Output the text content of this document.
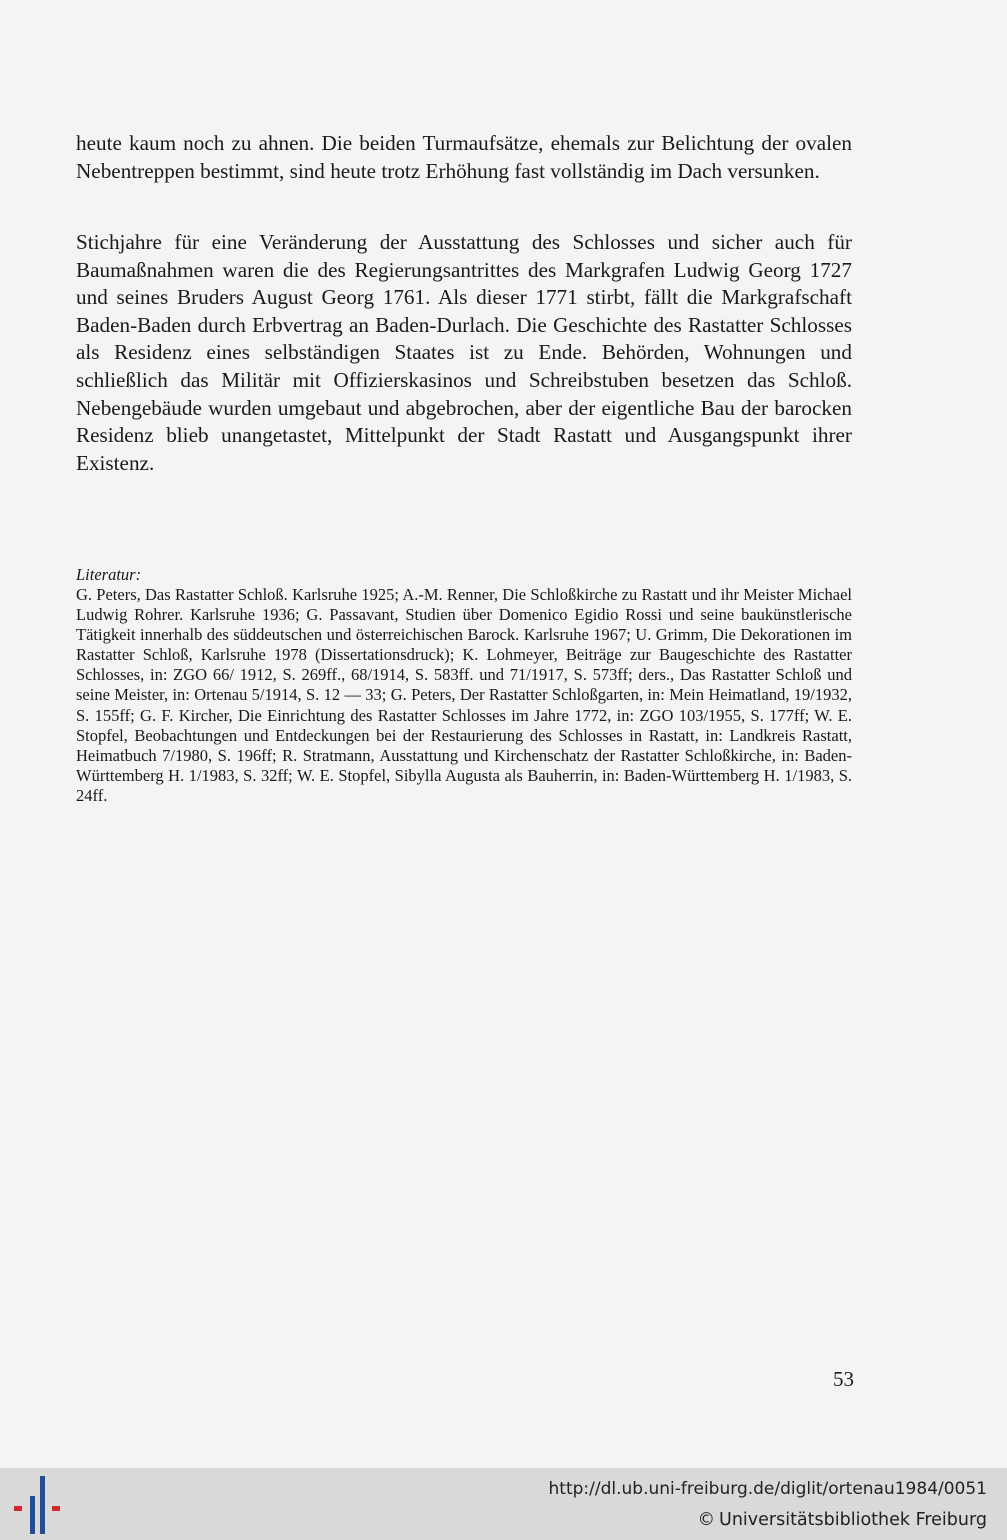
heute kaum noch zu ahnen. Die beiden Turmaufsätze, ehemals zur Belichtung der ovalen Nebentreppen bestimmt, sind heute trotz Erhöhung fast vollständig im Dach versunken.

Stichjahre für eine Veränderung der Ausstattung des Schlosses und sicher auch für Baumaßnahmen waren die des Regierungsantrittes des Markgrafen Ludwig Georg 1727 und seines Bruders August Georg 1761. Als dieser 1771 stirbt, fällt die Markgrafschaft Baden-Baden durch Erbvertrag an Baden-Durlach. Die Geschichte des Rastatter Schlosses als Residenz eines selbständigen Staates ist zu Ende. Behörden, Wohnungen und schließlich das Militär mit Offizierskasinos und Schreibstuben besetzen das Schloß. Nebengebäude wurden umgebaut und abgebrochen, aber der eigentliche Bau der barocken Residenz blieb unangetastet, Mittelpunkt der Stadt Rastatt und Ausgangspunkt ihrer Existenz.

Literatur:

G. Peters, Das Rastatter Schloß. Karlsruhe 1925; A.-M. Renner, Die Schloßkirche zu Rastatt und ihr Meister Michael Ludwig Rohrer. Karlsruhe 1936; G. Passavant, Studien über Domenico Egidio Rossi und seine baukünstlerische Tätigkeit innerhalb des süddeutschen und österreichischen Barock. Karlsruhe 1967; U. Grimm, Die Dekorationen im Rastatter Schloß, Karlsruhe 1978 (Dissertationsdruck); K. Lohmeyer, Beiträge zur Baugeschichte des Rastatter Schlosses, in: ZGO 66/ 1912, S. 269ff., 68/1914, S. 583ff. und 71/1917, S. 573ff; ders., Das Rastatter Schloß und seine Meister, in: Ortenau 5/1914, S. 12 — 33; G. Peters, Der Rastatter Schloßgarten, in: Mein Heimatland, 19/1932, S. 155ff; G. F. Kircher, Die Einrichtung des Rastatter Schlosses im Jahre 1772, in: ZGO 103/1955, S. 177ff; W. E. Stopfel, Beobachtungen und Entdeckungen bei der Restaurierung des Schlosses in Rastatt, in: Landkreis Rastatt, Heimatbuch 7/1980, S. 196ff; R. Stratmann, Ausstattung und Kirchenschatz der Rastatter Schloßkirche, in: Baden-Württemberg H. 1/1983, S. 32ff; W. E. Stopfel, Sibylla Augusta als Bauherrin, in: Baden-Württemberg H. 1/1983, S. 24ff.

53
http://dl.ub.uni-freiburg.de/diglit/ortenau1984/0051
© Universitätsbibliothek Freiburg
